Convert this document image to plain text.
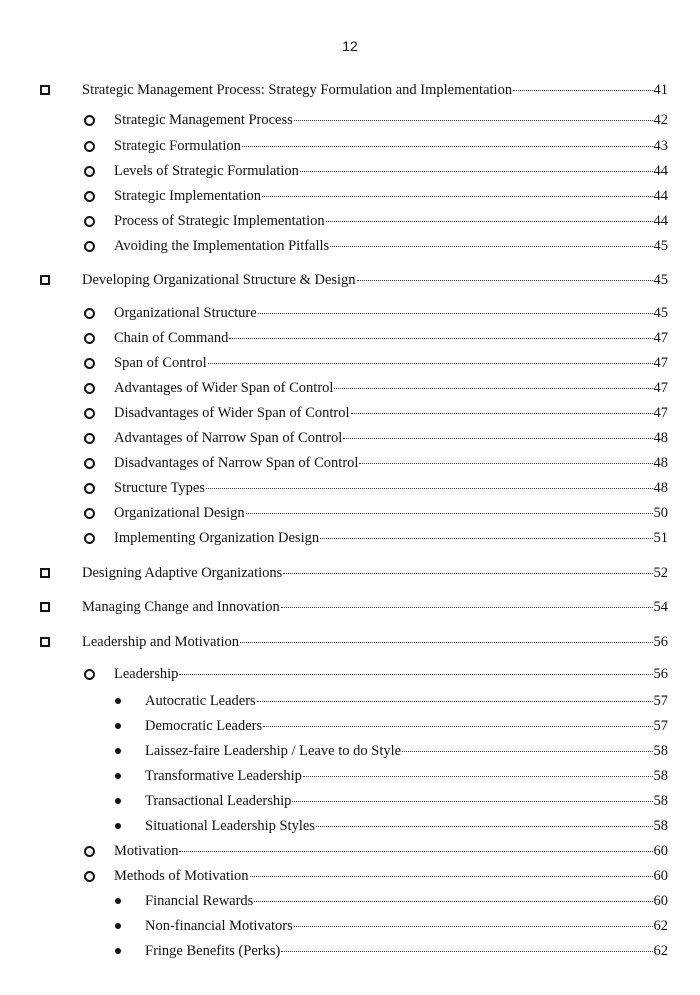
12
Strategic Management Process: Strategy Formulation and Implementation	41
Strategic Management Process	42
Strategic Formulation	43
Levels of Strategic Formulation	44
Strategic Implementation	44
Process of Strategic Implementation	44
Avoiding the Implementation Pitfalls	45
Developing Organizational Structure & Design	45
Organizational Structure	45
Chain of Command	47
Span of Control	47
Advantages of Wider Span of Control	47
Disadvantages of Wider Span of Control	47
Advantages of Narrow Span of Control	48
Disadvantages of Narrow Span of Control	48
Structure Types	48
Organizational Design	50
Implementing Organization Design	51
Designing Adaptive Organizations	52
Managing Change and Innovation	54
Leadership and Motivation	56
Leadership	56
Autocratic Leaders	57
Democratic Leaders	57
Laissez-faire Leadership / Leave to do Style	58
Transformative Leadership	58
Transactional Leadership	58
Situational Leadership Styles	58
Motivation	60
Methods of Motivation	60
Financial Rewards	60
Non-financial Motivators	62
Fringe Benefits (Perks)	62
